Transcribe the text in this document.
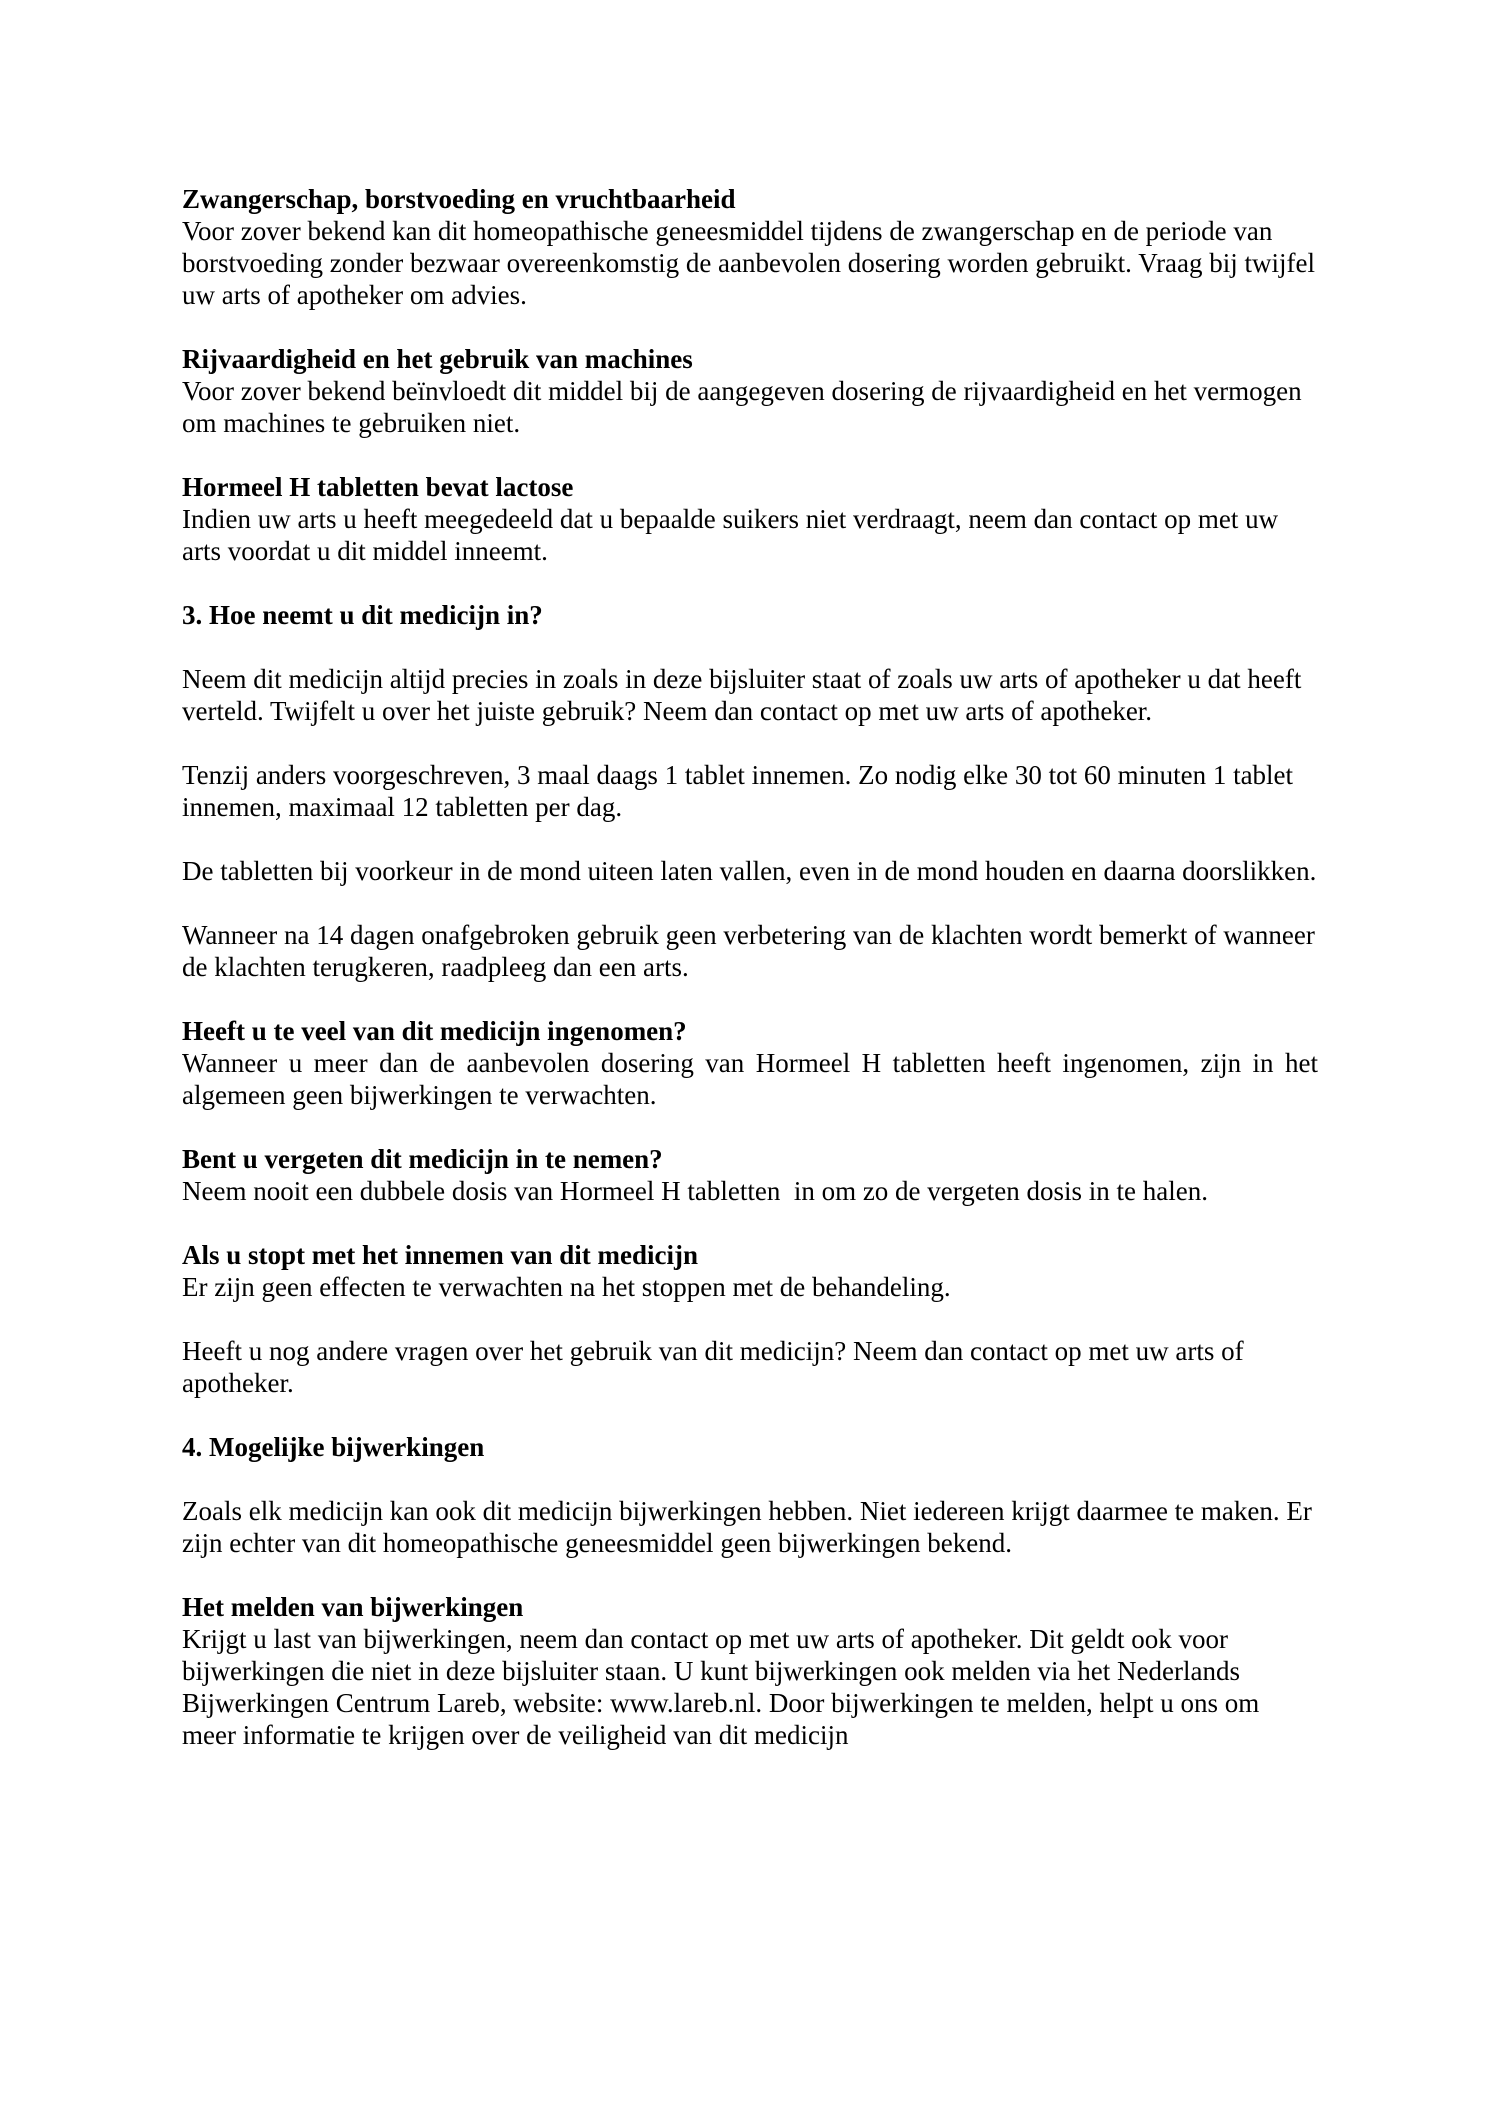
Zwangerschap, borstvoeding en vruchtbaarheid

Voor zover bekend kan dit homeopathische geneesmiddel tijdens de zwangerschap en de periode van borstvoeding zonder bezwaar overeenkomstig de aanbevolen dosering worden gebruikt. Vraag bij twijfel uw arts of apotheker om advies.

Rijvaardigheid en het gebruik van machines

Voor zover bekend beïnvloedt dit middel bij de aangegeven dosering de rijvaardigheid en het vermogen om machines te gebruiken niet.

Hormeel H tabletten bevat lactose

Indien uw arts u heeft meegedeeld dat u bepaalde suikers niet verdraagt, neem dan contact op met uw arts voordat u dit middel inneemt.

3. Hoe neemt u dit medicijn in?

Neem dit medicijn altijd precies in zoals in deze bijsluiter staat of zoals uw arts of apotheker u dat heeft verteld. Twijfelt u over het juiste gebruik? Neem dan contact op met uw arts of apotheker.

Tenzij anders voorgeschreven, 3 maal daags 1 tablet innemen. Zo nodig elke 30 tot 60 minuten 1 tablet innemen, maximaal 12 tabletten per dag.

De tabletten bij voorkeur in de mond uiteen laten vallen, even in de mond houden en daarna doorslikken.

Wanneer na 14 dagen onafgebroken gebruik geen verbetering van de klachten wordt bemerkt of wanneer de klachten terugkeren, raadpleeg dan een arts.

Heeft u te veel van dit medicijn ingenomen?

Wanneer u meer dan de aanbevolen dosering van Hormeel H tabletten heeft ingenomen, zijn in het algemeen geen bijwerkingen te verwachten.

Bent u vergeten dit medicijn in te nemen?

Neem nooit een dubbele dosis van Hormeel H tabletten  in om zo de vergeten dosis in te halen.

Als u stopt met het innemen van dit medicijn

Er zijn geen effecten te verwachten na het stoppen met de behandeling.

Heeft u nog andere vragen over het gebruik van dit medicijn? Neem dan contact op met uw arts of apotheker.

4. Mogelijke bijwerkingen

Zoals elk medicijn kan ook dit medicijn bijwerkingen hebben. Niet iedereen krijgt daarmee te maken. Er zijn echter van dit homeopathische geneesmiddel geen bijwerkingen bekend.

Het melden van bijwerkingen

Krijgt u last van bijwerkingen, neem dan contact op met uw arts of apotheker. Dit geldt ook voor bijwerkingen die niet in deze bijsluiter staan. U kunt bijwerkingen ook melden via het Nederlands Bijwerkingen Centrum Lareb, website: www.lareb.nl. Door bijwerkingen te melden, helpt u ons om meer informatie te krijgen over de veiligheid van dit medicijn
